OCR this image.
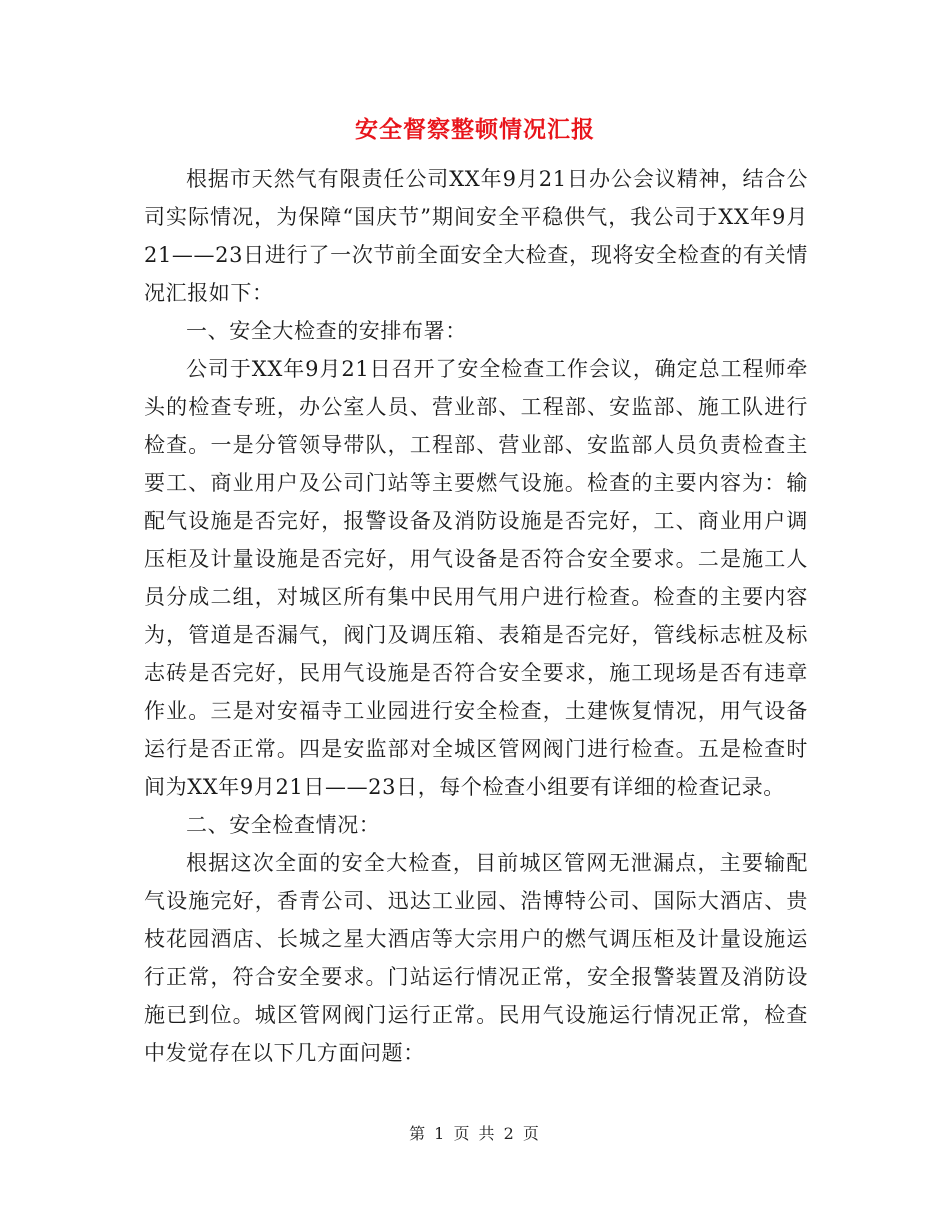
安全督察整顿情况汇报

根据市天然气有限责任公司XX年9月21日办公会议精神，结合公司实际情况，为保障“国庆节”期间安全平稳供气，我公司于XX年9月21——23日进行了一次节前全面安全大检查，现将安全检查的有关情况汇报如下：

一、安全大检查的安排布署：

公司于XX年9月21日召开了安全检查工作会议，确定总工程师牵头的检查专班，办公室人员、营业部、工程部、安监部、施工队进行检查。一是分管领导带队，工程部、营业部、安监部人员负责检查主要工、商业用户及公司门站等主要燃气设施。检查的主要内容为：输配气设施是否完好，报警设备及消防设施是否完好，工、商业用户调压柜及计量设施是否完好，用气设备是否符合安全要求。二是施工人员分成二组，对城区所有集中民用气用户进行检查。检查的主要内容为，管道是否漏气，阀门及调压箱、表箱是否完好，管线标志桩及标志砖是否完好，民用气设施是否符合安全要求，施工现场是否有违章作业。三是对安福寺工业园进行安全检查，土建恢复情况，用气设备运行是否正常。四是安监部对全城区管网阀门进行检查。五是检查时间为XX年9月21日——23日，每个检查小组要有详细的检查记录。

二、安全检查情况：

根据这次全面的安全大检查，目前城区管网无泄漏点，主要输配气设施完好，香青公司、迅达工业园、浩博特公司、国际大酒店、贵枝花园酒店、长城之星大酒店等大宗用户的燃气调压柜及计量设施运行正常，符合安全要求。门站运行情况正常，安全报警装置及消防设施已到位。城区管网阀门运行正常。民用气设施运行情况正常，检查中发觉存在以下几方面问题：

第 1 页 共 2 页
